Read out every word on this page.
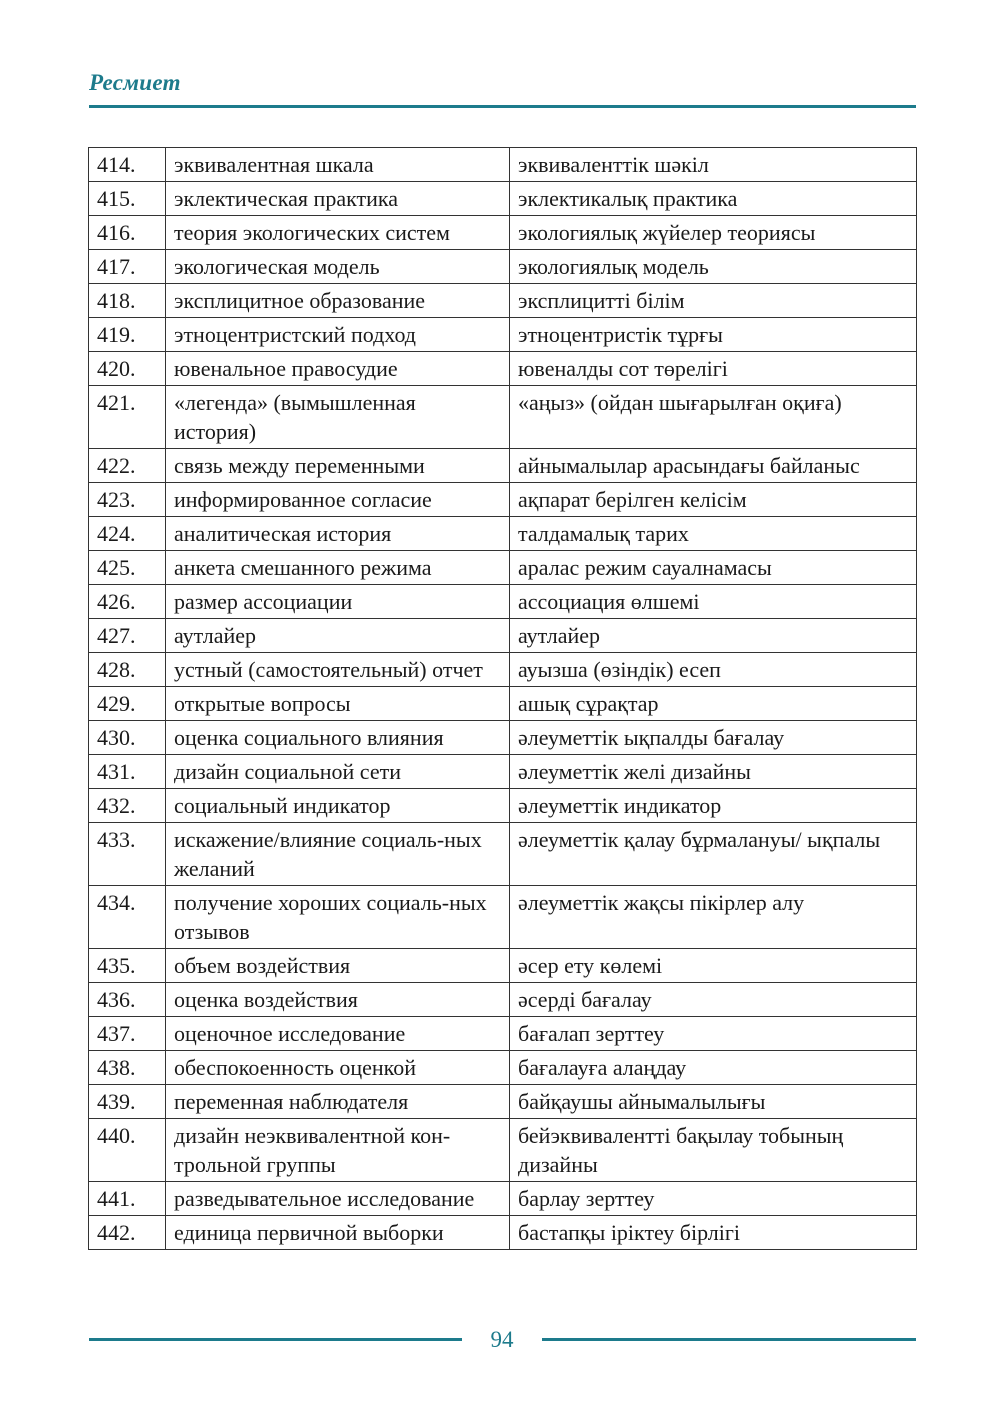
Ресмиет
414.	эквивалентная шкала	эквиваленттік шәкіл
415.	эклектическая практика	эклектикалық практика
416.	теория экологических систем	экологиялық жүйелер теориясы
417.	экологическая модель	экологиялық модель
418.	эксплицитное образование	эксплицитті білім
419.	этноцентристский подход	этноцентристік тұрғы
420.	ювенальное правосудие	ювеналды сот төрелігі
421.	«легенда» (вымышленная история)	«аңыз» (ойдан шығарылған оқиға)
422.	связь между переменными	айнымалылар арасындағы байланыс
423.	информированное согласие	ақпарат берілген келісім
424.	аналитическая история	талдамалық тарих
425.	анкета смешанного режима	аралас режим сауалнамасы
426.	размер ассоциации	ассоциация өлшемі
427.	аутлайер	аутлайер
428.	устный (самостоятельный) отчет	ауызша (өзіндік) есеп
429.	открытые вопросы	ашық сұрақтар
430.	оценка социального влияния	әлеуметтік ықпалды бағалау
431.	дизайн социальной сети	әлеуметтік желі дизайны
432.	социальный индикатор	әлеуметтік индикатор
433.	искажение/влияние социаль-ных желаний	әлеуметтік қалау бұрмалануы/ ықпалы
434.	получение хороших социаль-ных отзывов	әлеуметтік жақсы пікірлер алу
435.	объем воздействия	әсер ету көлемі
436.	оценка воздействия	әсерді бағалау
437.	оценочное исследование	бағалап зерттеу
438.	обеспокоенность оценкой	бағалауға алаңдау
439.	переменная наблюдателя	байқаушы айнымалылығы
440.	дизайн неэквивалентной кон-трольной группы	бейэквивалентті бақылау тобының дизайны
441.	разведывательное исследование	барлау зерттеу
442.	единица первичной выборки	бастапқы іріктеу бірлігі
94
